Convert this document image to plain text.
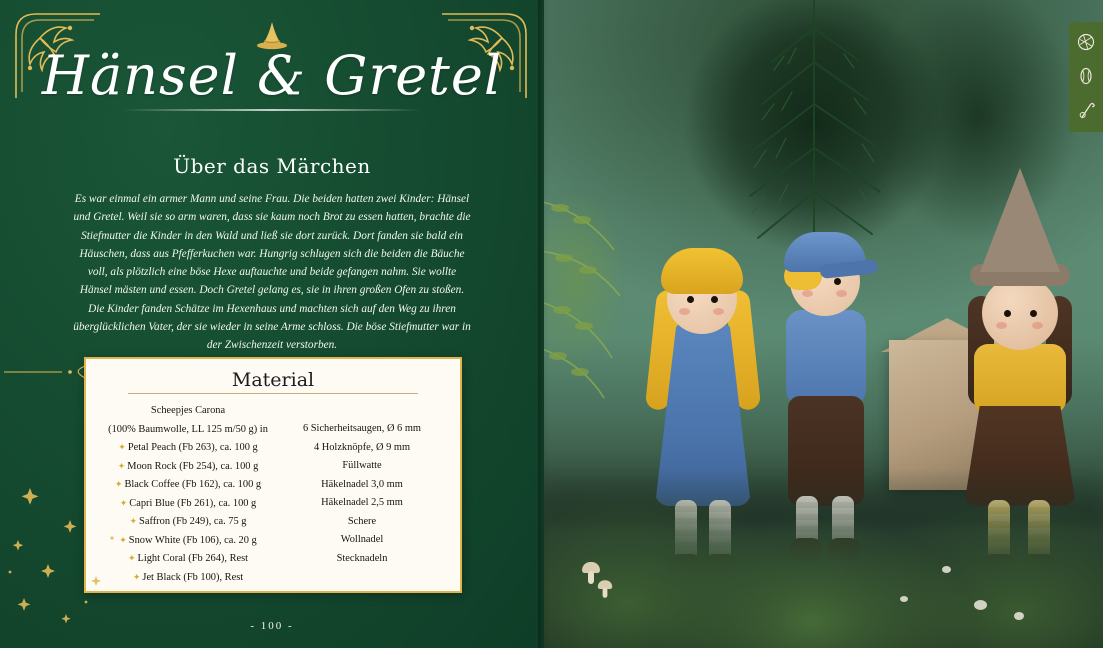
Hänsel & Gretel
Über das Märchen
Es war einmal ein armer Mann und seine Frau. Die beiden hatten zwei Kinder: Hänsel und Gretel. Weil sie so arm waren, dass sie kaum noch Brot zu essen hatten, brachte die Stiefmutter die Kinder in den Wald und ließ sie dort zurück. Dort fanden sie bald ein Häuschen, dass aus Pfefferkuchen war. Hungrig schlugen sich die beiden die Bäuche voll, als plötzlich eine böse Hexe auftauchte und beide gefangen nahm. Sie wollte Hänsel mästen und essen. Doch Gretel gelang es, sie in ihren großen Ofen zu stoßen. Die Kinder fanden Schätze im Hexenhaus und machten sich auf den Weg zu ihren überglücklichen Vater, der sie wieder in seine Arme schloss. Die böse Stiefmutter war in der Zwischenzeit verstorben.
Material
Scheepjes Carona
(100% Baumwolle, LL 125 m/50 g) in
✦ Petal Peach (Fb 263), ca. 100 g
✦ Moon Rock (Fb 254), ca. 100 g
✦ Black Coffee (Fb 162), ca. 100 g
✦ Capri Blue (Fb 261), ca. 100 g
✦ Saffron (Fb 249), ca. 75 g
✦ Snow White (Fb 106), ca. 20 g
✦ Light Coral (Fb 264), Rest
✦ Jet Black (Fb 100), Rest
6 Sicherheitsaugen, Ø 6 mm
4 Holzknöpfe, Ø 9 mm
Füllwatte
Häkelnadel 3,0 mm
Häkelnadel 2,5 mm
Schere
Wollnadel
Stecknadeln
- 100 -
